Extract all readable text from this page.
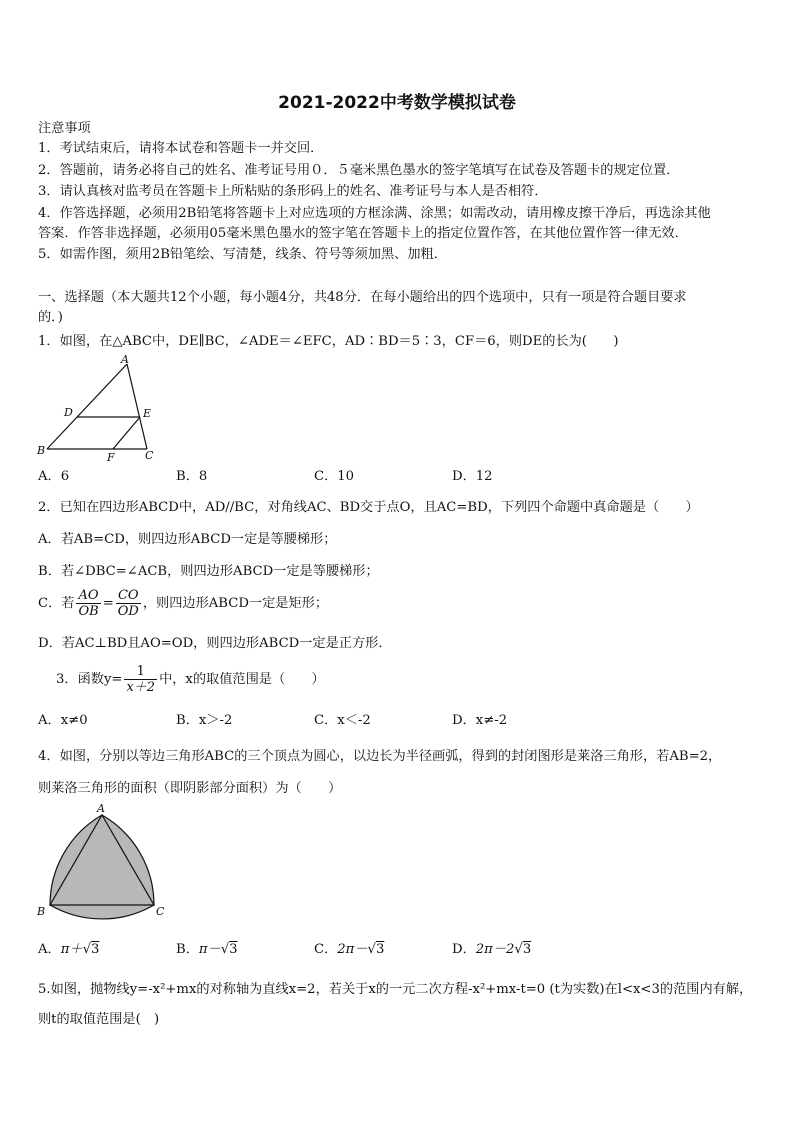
2021-2022中考数学模拟试卷
注意事项
1．考试结束后，请将本试卷和答题卡一并交回．
2．答题前，请务必将自己的姓名、准考证号用０．５毫米黑色墨水的签字笔填写在试卷及答题卡的规定位置．
3．请认真核对监考员在答题卡上所粘贴的条形码上的姓名、准考证号与本人是否相符．
4．作答选择题，必须用2B铅笔将答题卡上对应选项的方框涂满、涂黑；如需改动，请用橡皮擦干净后，再选涂其他
答案．作答非选择题，必须用05毫米黑色墨水的签字笔在答题卡上的指定位置作答，在其他位置作答一律无效．
5．如需作图，须用2B铅笔绘、写清楚，线条、符号等须加黑、加粗．
一、选择题（本大题共12个小题，每小题4分，共48分．在每小题给出的四个选项中，只有一项是符合题目要求
的．)
1．如图，在△ABC中，DE∥BC，∠ADE＝∠EFC，AD∶BD＝5∶3，CF＝6，则DE的长为(　　)
A
D	E
B
F	C
A．6	B．8	C．10	D．12
2．已知在四边形ABCD中，AD//BC，对角线AC、BD交于点O，且AC=BD，下列四个命题中真命题是（　　）
A．若AB=CD，则四边形ABCD一定是等腰梯形；
B．若∠DBC=∠ACB，则四边形ABCD一定是等腰梯形；
C．若 $\frac{AO}{OB} = \frac{CO}{OD}$ ，则四边形ABCD一定是矩形；
D．若AC⊥BD且AO=OD，则四边形ABCD一定是正方形．
3．函数$y= \frac{1}{x+2}$ 中，x的取值范围是（　　）
A．x≠0	B．x＞-2	C．x＜-2	D．x≠-2
4．如图，分别以等边三角形ABC的三个顶点为圆心，以边长为半径画弧，得到的封闭图形是莱洛三角形，若AB=2，
则莱洛三角形的面积（即阴影部分面积）为（　　）
A
B	C
A．π＋√3	B．π－√3	C．2π－√3	D．2π－2√3
5.如图，抛物线y=-x²+mx的对称轴为直线x=2，若关于x的一元二次方程-x²+mx-t=0 (t为实数)在l<x<3的范围内有解，
则t的取值范围是(　)
